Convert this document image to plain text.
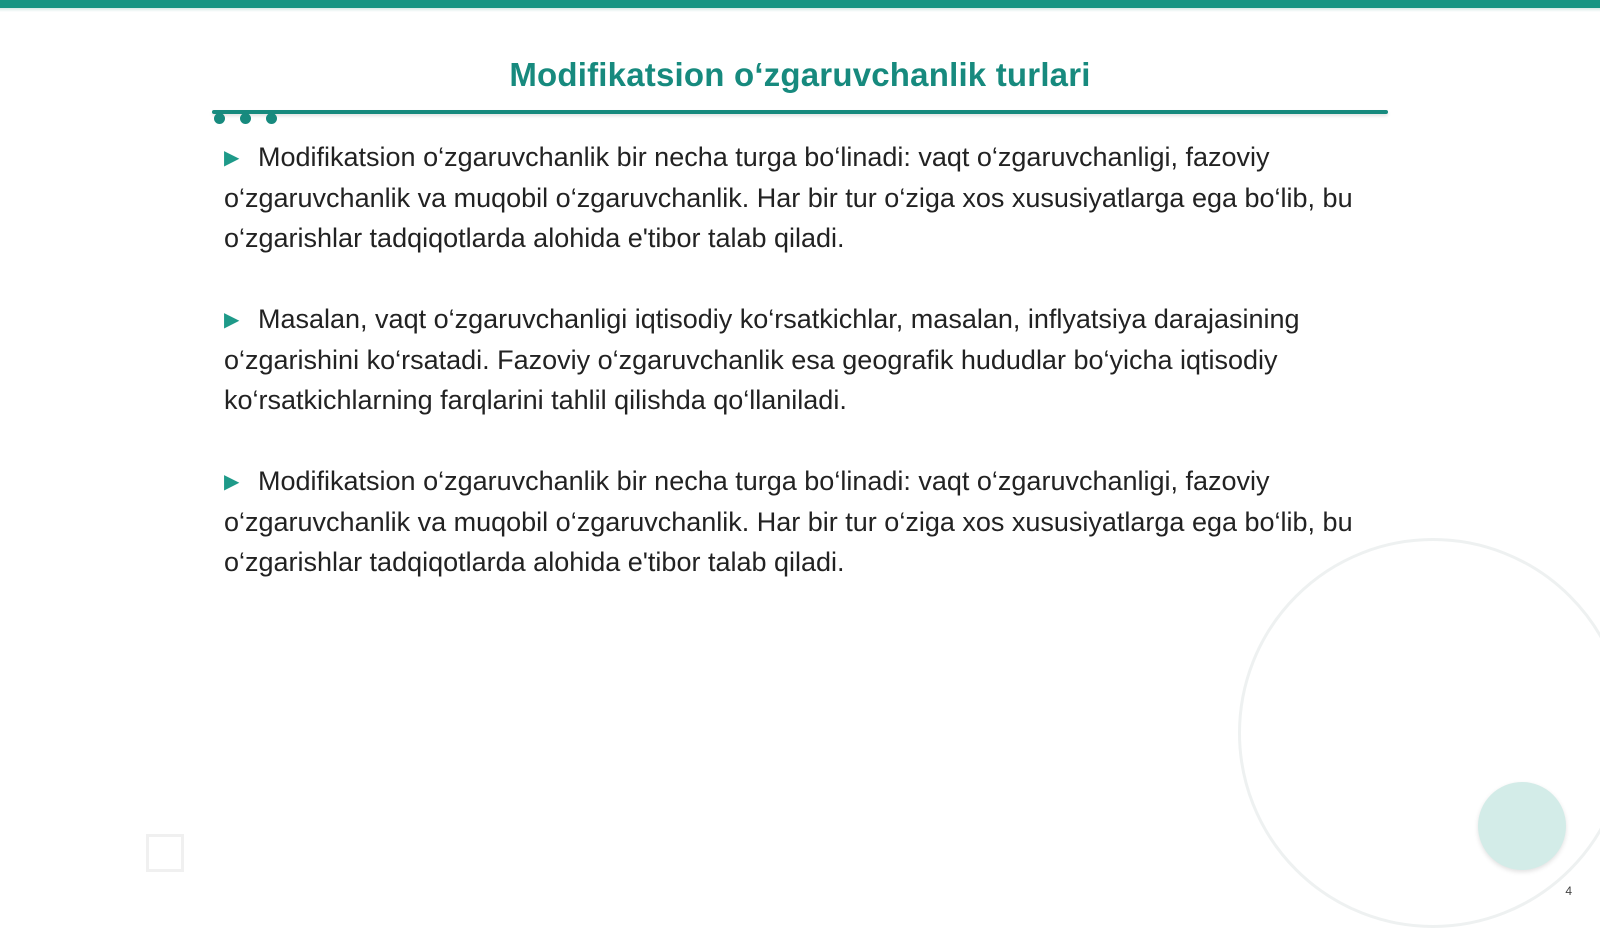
Modifikatsion o‘zgaruvchanlik turlari

▶ Modifikatsion o‘zgaruvchanlik bir necha turga bo‘linadi: vaqt o‘zgaruvchanligi, fazoviy o‘zgaruvchanlik va muqobil o‘zgaruvchanlik. Har bir tur o‘ziga xos xususiyatlarga ega bo‘lib, bu o‘zgarishlar tadqiqotlarda alohida e'tibor talab qiladi.

▶ Masalan, vaqt o‘zgaruvchanligi iqtisodiy ko‘rsatkichlar, masalan, inflyatsiya darajasining o‘zgarishini ko‘rsatadi. Fazoviy o‘zgaruvchanlik esa geografik hududlar bo‘yicha iqtisodiy ko‘rsatkichlarning farqlarini tahlil qilishda qo‘llaniladi.

▶ Modifikatsion o‘zgaruvchanlik bir necha turga bo‘linadi: vaqt o‘zgaruvchanligi, fazoviy o‘zgaruvchanlik va muqobil o‘zgaruvchanlik. Har bir tur o‘ziga xos xususiyatlarga ega bo‘lib, bu o‘zgarishlar tadqiqotlarda alohida e'tibor talab qiladi.

4
